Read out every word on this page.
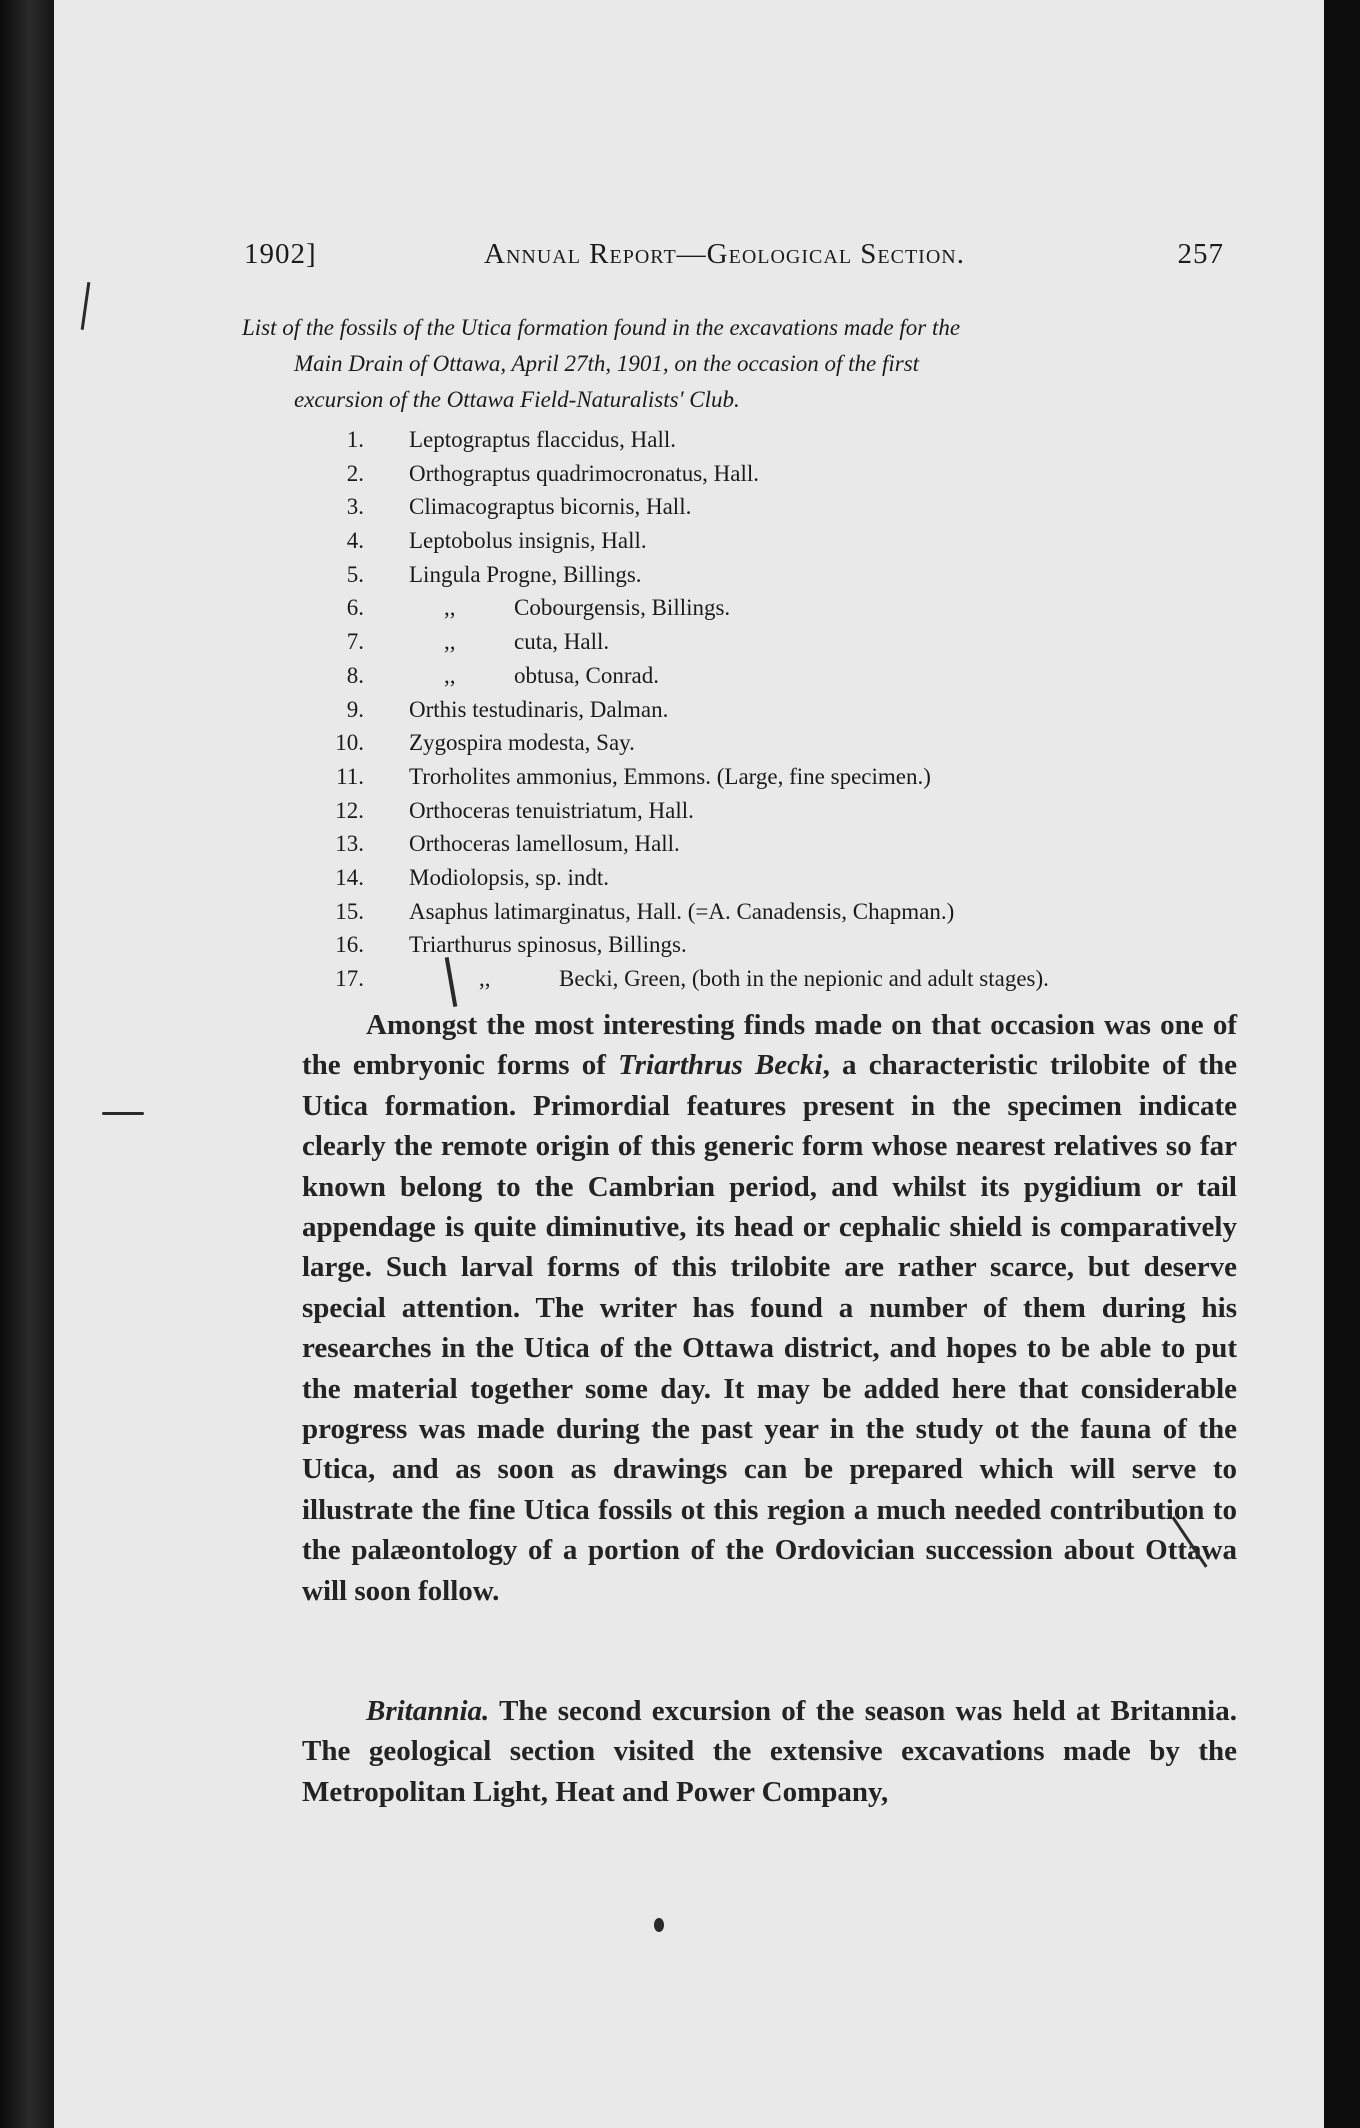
1902]	Annual Report—Geological Section.	257
List of the fossils of the Utica formation found in the excavations made for the
Main Drain of Ottawa, April 27th, 1901, on the occasion of the first
excursion of the Ottawa Field-Naturalists' Club.
1. Leptograptus flaccidus, Hall.
2. Orthograptus quadrimocronatus, Hall.
3. Climacograptus bicornis, Hall.
4. Leptobolus insignis, Hall.
5. Lingula Progne, Billings.
6.	,,	Cobourgensis, Billings.
7.	,,	cuta, Hall.
8.	,,	obtusa, Conrad.
9. Orthis testudinaris, Dalman.
10. Zygospira modesta, Say.
11. Trorholites ammonius, Emmons. (Large, fine specimen.)
12. Orthoceras tenuistriatum, Hall.
13. Orthoceras lamellosum, Hall.
14. Modiolopsis, sp. indt.
15. Asaphus latimarginatus, Hall. (=A. Canadensis, Chapman.)
16. Triarthurus spinosus, Billings.
17.	,,	Becki, Green, (both in the nepionic and adult stages).

Amongst the most interesting finds made on that occasion was one of the embryonic forms of Triarthrus Becki, a characteristic trilobite of the Utica formation. Primordial features present in the specimen indicate clearly the remote origin of this generic form whose nearest relatives so far known belong to the Cambrian period, and whilst its pygidium or tail appendage is quite diminutive, its head or cephalic shield is comparatively large. Such larval forms of this trilobite are rather scarce, but deserve special attention. The writer has found a number of them during his researches in the Utica of the Ottawa district, and hopes to be able to put the material together some day. It may be added here that considerable progress was made during the past year in the study ot the fauna of the Utica, and as soon as drawings can be prepared which will serve to illustrate the fine Utica fossils ot this region a much needed contribution to the palæontology of a portion of the Ordovician succession about Ottawa will soon follow.

Britannia. The second excursion of the season was held at Britannia. The geological section visited the extensive excavations made by the Metropolitan Light, Heat and Power Company,
